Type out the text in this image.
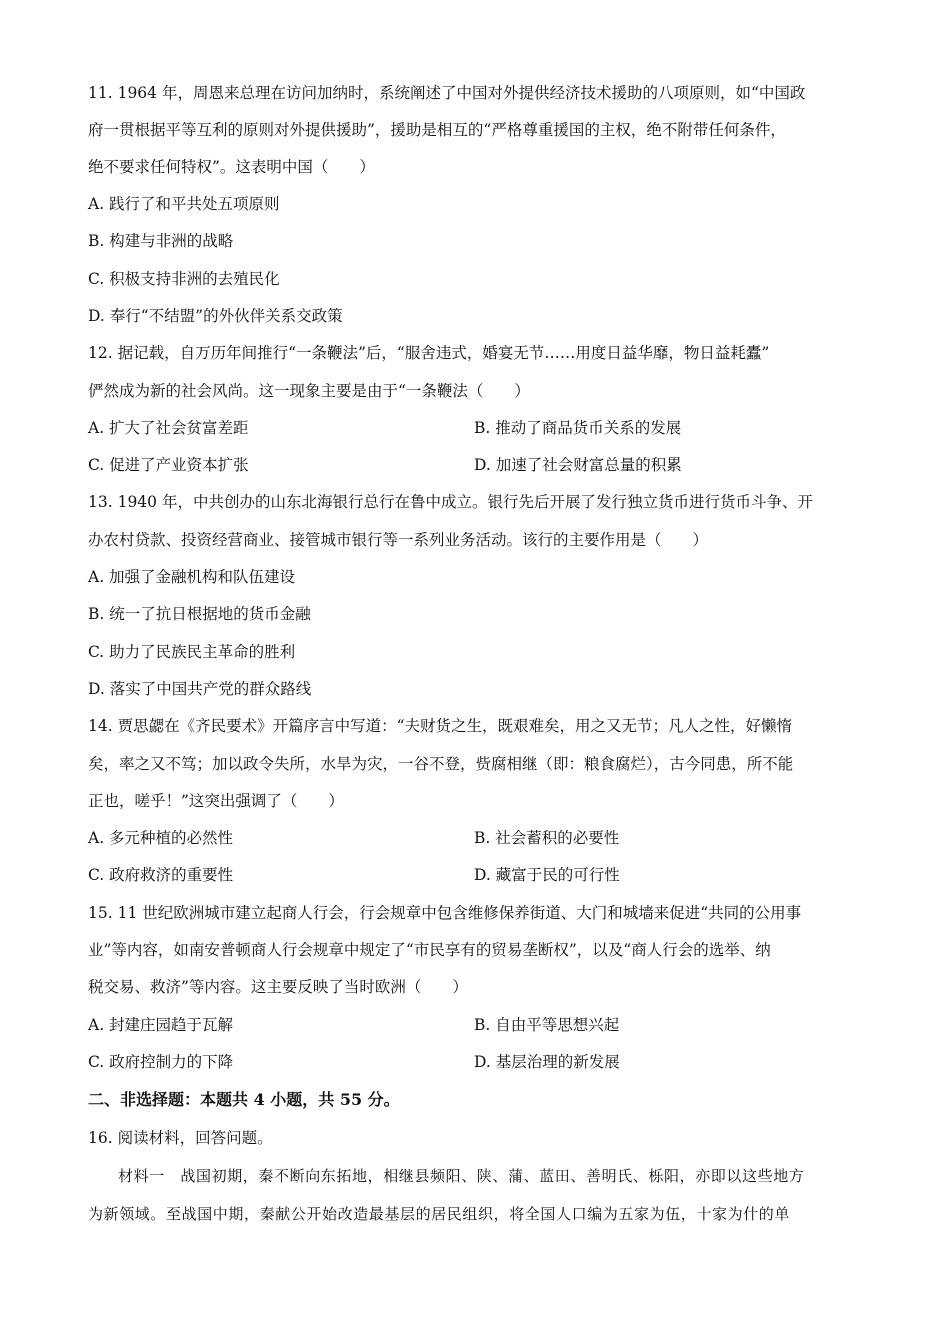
11. 1964 年，周恩来总理在访问加纳时，系统阐述了中国对外提供经济技术援助的八项原则，如“中国政
府一贯根据平等互利的原则对外提供援助”，援助是相互的“严格尊重援国的主权，绝不附带任何条件，
绝不要求任何特权”。这表明中国（　　）
A. 践行了和平共处五项原则
B. 构建与非洲的战略
C. 积极支持非洲的去殖民化
D. 奉行“不结盟”的外伙伴关系交政策
12. 据记载，自万历年间推行“一条鞭法”后，“服舍违式，婚宴无节……用度日益华靡，物日益耗蠹”
俨然成为新的社会风尚。这一现象主要是由于“一条鞭法（　　）
A. 扩大了社会贫富差距	B. 推动了商品货币关系的发展
C. 促进了产业资本扩张	D. 加速了社会财富总量的积累
13. 1940 年，中共创办的山东北海银行总行在鲁中成立。银行先后开展了发行独立货币进行货币斗争、开
办农村贷款、投资经营商业、接管城市银行等一系列业务活动。该行的主要作用是（　　）
A. 加强了金融机构和队伍建设
B. 统一了抗日根据地的货币金融
C. 助力了民族民主革命的胜利
D. 落实了中国共产党的群众路线
14. 贾思勰在《齐民要术》开篇序言中写道：“夫财货之生，既艰难矣，用之又无节；凡人之性，好懒惰
矣，率之又不笃；加以政令失所，水旱为灾，一谷不登，赀腐相继（即：粮食腐烂），古今同患，所不能
正也，嗟乎！”这突出强调了（　　）
A. 多元种植的必然性	B. 社会蓄积的必要性
C. 政府救济的重要性	D. 藏富于民的可行性
15. 11 世纪欧洲城市建立起商人行会，行会规章中包含维修保养街道、大门和城墙来促进“共同的公用事
业”等内容，如南安普顿商人行会规章中规定了“市民享有的贸易垄断权”，以及“商人行会的选举、纳
税交易、救济”等内容。这主要反映了当时欧洲（　　）
A. 封建庄园趋于瓦解	B. 自由平等思想兴起
C. 政府控制力的下降	D. 基层治理的新发展
二、非选择题：本题共 4 小题，共 55 分。
16. 阅读材料，回答问题。
材料一　战国初期，秦不断向东拓地，相继县频阳、陕、蒲、蓝田、善明氏、栎阳，亦即以这些地方
为新领域。至战国中期，秦献公开始改造最基层的居民组织，将全国人口编为五家为伍，十家为什的单
